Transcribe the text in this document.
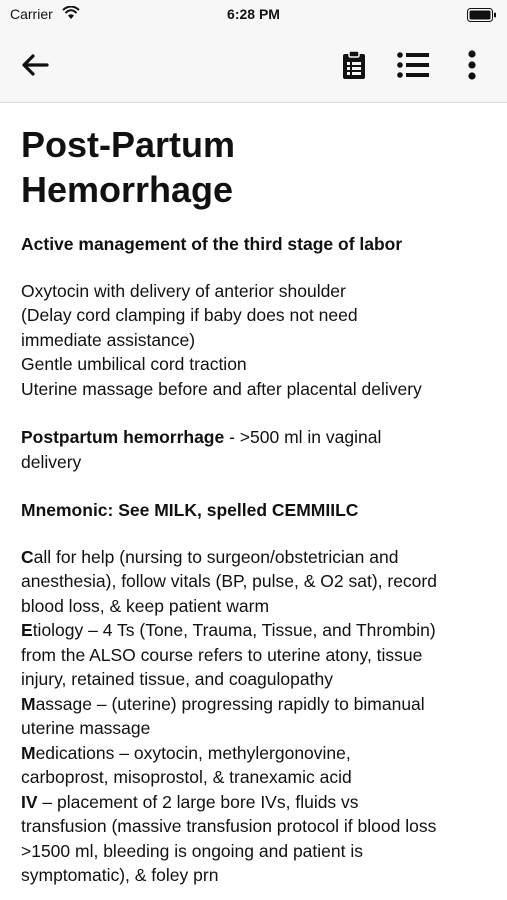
Carrier	6:28 PM
Post-Partum
Hemorrhage
Active management of the third stage of labor
Oxytocin with delivery of anterior shoulder
(Delay cord clamping if baby does not need
immediate assistance)
Gentle umbilical cord traction
Uterine massage before and after placental delivery
Postpartum hemorrhage - >500 ml in vaginal
delivery
Mnemonic: See MILK, spelled CEMMIILC
Call for help (nursing to surgeon/obstetrician and
anesthesia), follow vitals (BP, pulse, & O2 sat), record
blood loss, & keep patient warm
Etiology – 4 Ts (Tone, Trauma, Tissue, and Thrombin)
from the ALSO course refers to uterine atony, tissue
injury, retained tissue, and coagulopathy
Massage – (uterine) progressing rapidly to bimanual
uterine massage
Medications – oxytocin, methylergonovine,
carboprost, misoprostol, & tranexamic acid
IV – placement of 2 large bore IVs, fluids vs
transfusion (massive transfusion protocol if blood loss
>1500 ml, bleeding is ongoing and patient is
symptomatic), & foley prn
